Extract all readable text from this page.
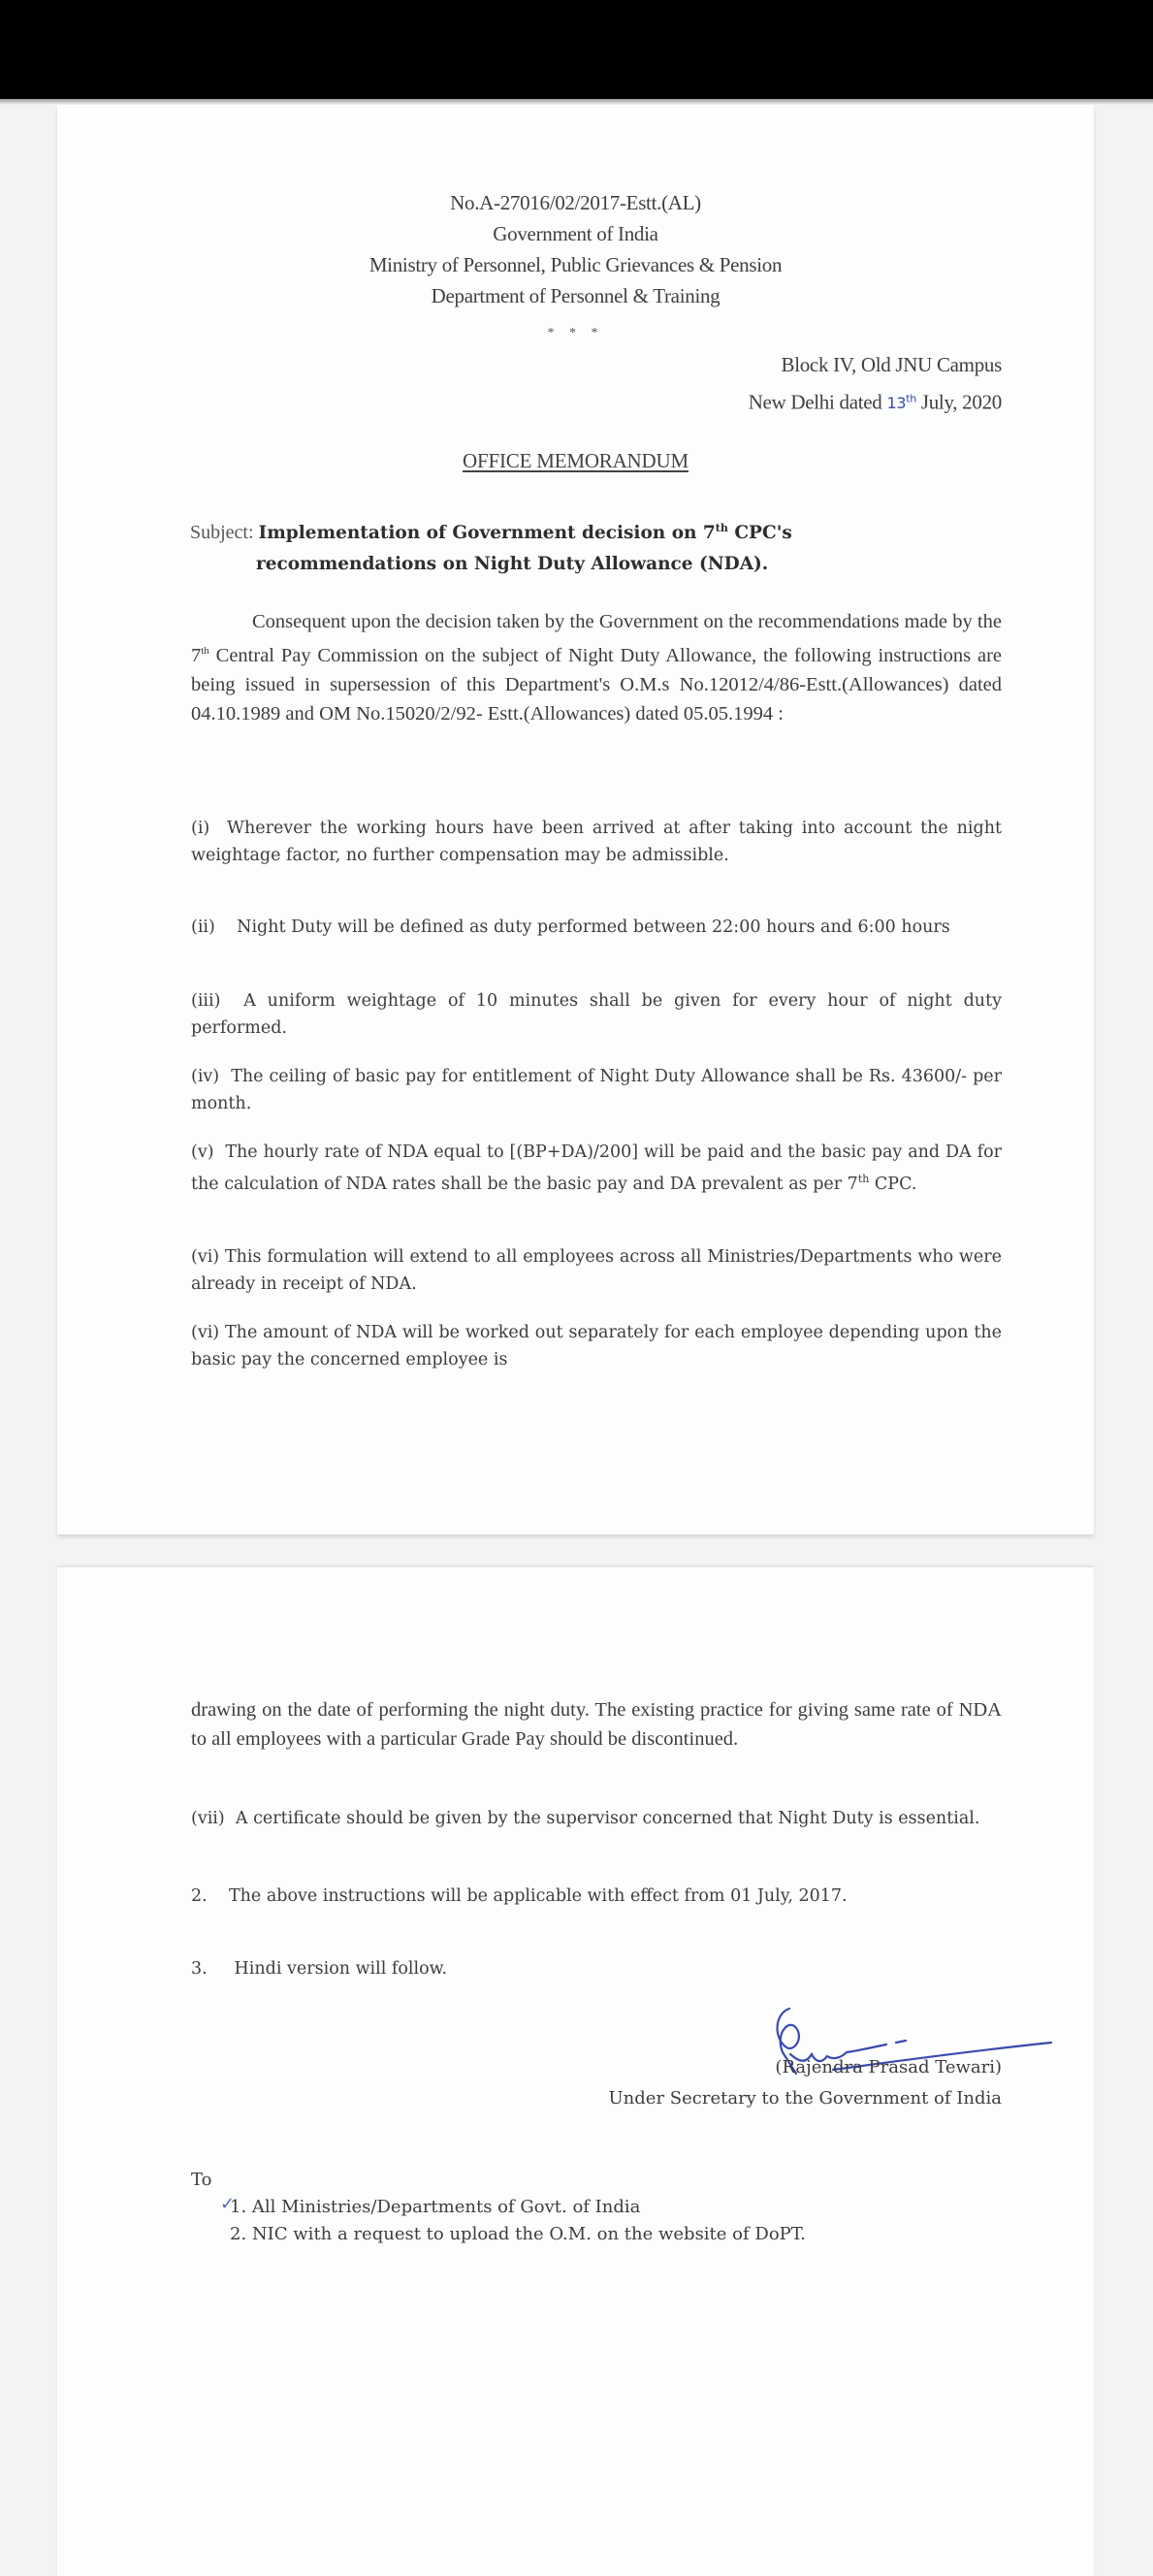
No.A-27016/02/2017-Estt.(AL)
Government of India
Ministry of Personnel, Public Grievances & Pension
Department of Personnel & Training
* * *
Block IV, Old JNU Campus
New Delhi dated 13th July, 2020
OFFICE MEMORANDUM
Subject: Implementation of Government decision on 7th CPC's
recommendations on Night Duty Allowance (NDA).
Consequent upon the decision taken by the Government on the recommendations made by the 7th Central Pay Commission on the subject of Night Duty Allowance, the following instructions are being issued in supersession of this Department's O.M.s No.12012/4/86-Estt.(Allowances) dated 04.10.1989 and OM No.15020/2/92- Estt.(Allowances) dated 05.05.1994 :
(i) Wherever the working hours have been arrived at after taking into account the night weightage factor, no further compensation may be admissible.
(ii) Night Duty will be defined as duty performed between 22:00 hours and 6:00 hours
(iii) A uniform weightage of 10 minutes shall be given for every hour of night duty performed.
(iv) The ceiling of basic pay for entitlement of Night Duty Allowance shall be Rs. 43600/- per month.
(v) The hourly rate of NDA equal to [(BP+DA)/200] will be paid and the basic pay and DA for the calculation of NDA rates shall be the basic pay and DA prevalent as per 7th CPC.
(vi) This formulation will extend to all employees across all Ministries/Departments who were already in receipt of NDA.
(vi) The amount of NDA will be worked out separately for each employee depending upon the basic pay the concerned employee is
drawing on the date of performing the night duty. The existing practice for giving same rate of NDA to all employees with a particular Grade Pay should be discontinued.
(vii) A certificate should be given by the supervisor concerned that Night Duty is essential.
2. The above instructions will be applicable with effect from 01 July, 2017.
3. Hindi version will follow.
(Rajendra Prasad Tewari)
Under Secretary to the Government of India
To
✓
1. All Ministries/Departments of Govt. of India
2. NIC with a request to upload the O.M. on the website of DoPT.
